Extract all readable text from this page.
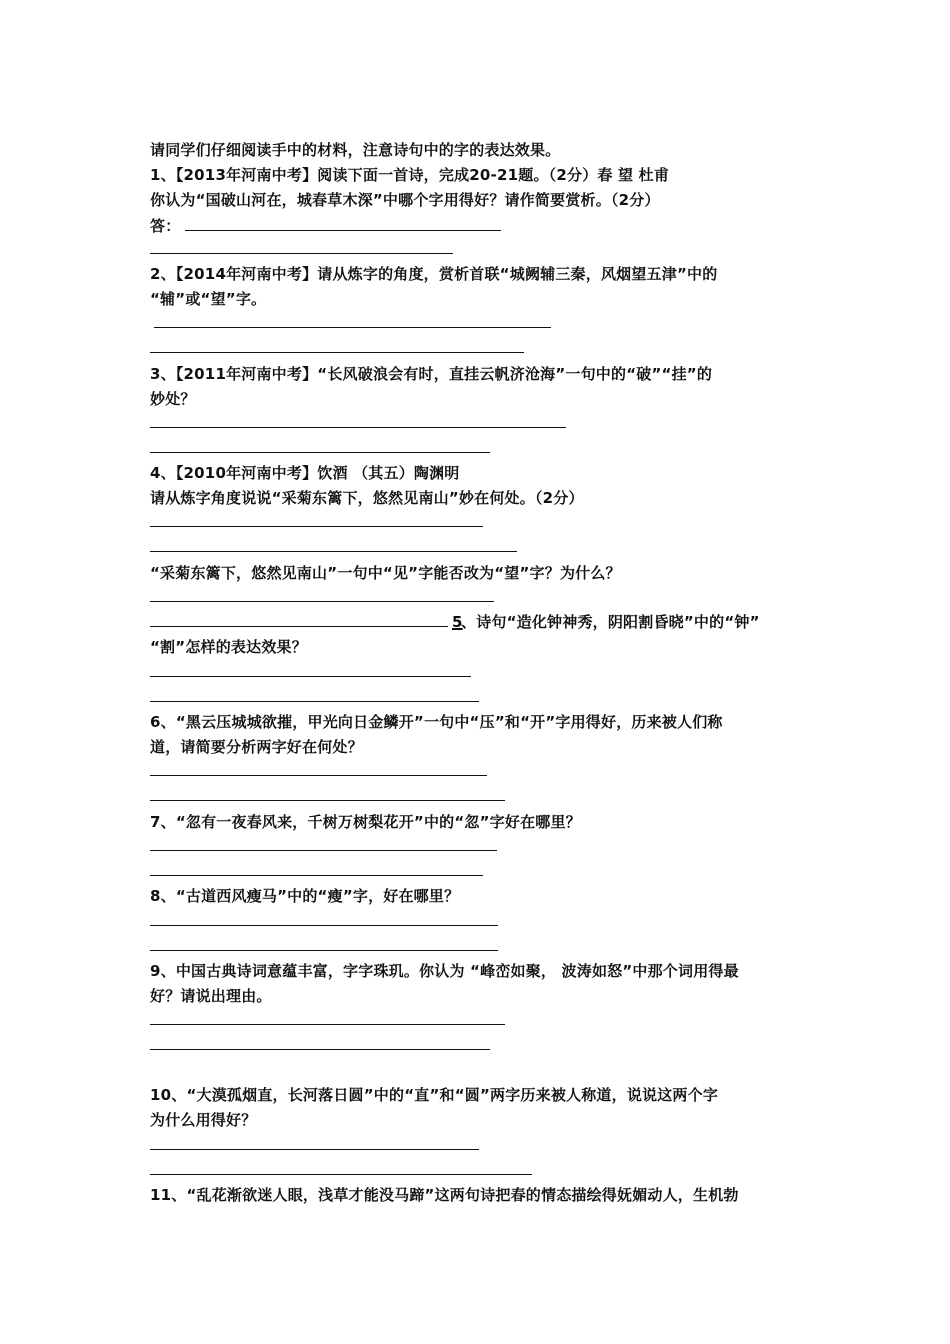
请同学们仔细阅读手中的材料，注意诗句中的字的表达效果。
1、【2013年河南中考】阅读下面一首诗，完成20-21题。（2分）春 望 杜甫
你认为“国破山河在，城春草木深”中哪个字用得好？请作简要赏析。（2分）
答：
2、【2014年河南中考】请从炼字的角度，赏析首联“城阙辅三秦，风烟望五津”中的
“辅”或“望”字。
3、【2011年河南中考】“长风破浪会有时，直挂云帆济沧海”一句中的“破”“挂”的
妙处？
4、【2010年河南中考】饮酒 （其五）陶渊明
请从炼字角度说说“采菊东篱下，悠然见南山”妙在何处。（2分）
“采菊东篱下，悠然见南山”一句中“见”字能否改为“望”字？为什么？
5
、诗句“造化钟神秀，阴阳割昏晓”中的“钟”
“割”怎样的表达效果？
6、“黑云压城城欲摧，甲光向日金鳞开”一句中“压”和“开”字用得好，历来被人们称
道，请简要分析两字好在何处？
7、“忽有一夜春风来，千树万树梨花开”中的“忽”字好在哪里？
8、“古道西风瘦马”中的“瘦”字，好在哪里？
9、中国古典诗词意蕴丰富，字字珠玑。你认为 “峰峦如聚， 波涛如怒”中那个词用得最
好？请说出理由。
10、“大漠孤烟直，长河落日圆”中的“直”和“圆”两字历来被人称道，说说这两个字
为什么用得好？
11、“乱花渐欲迷人眼，浅草才能没马蹄”这两句诗把春的情态描绘得妩媚动人，生机勃
